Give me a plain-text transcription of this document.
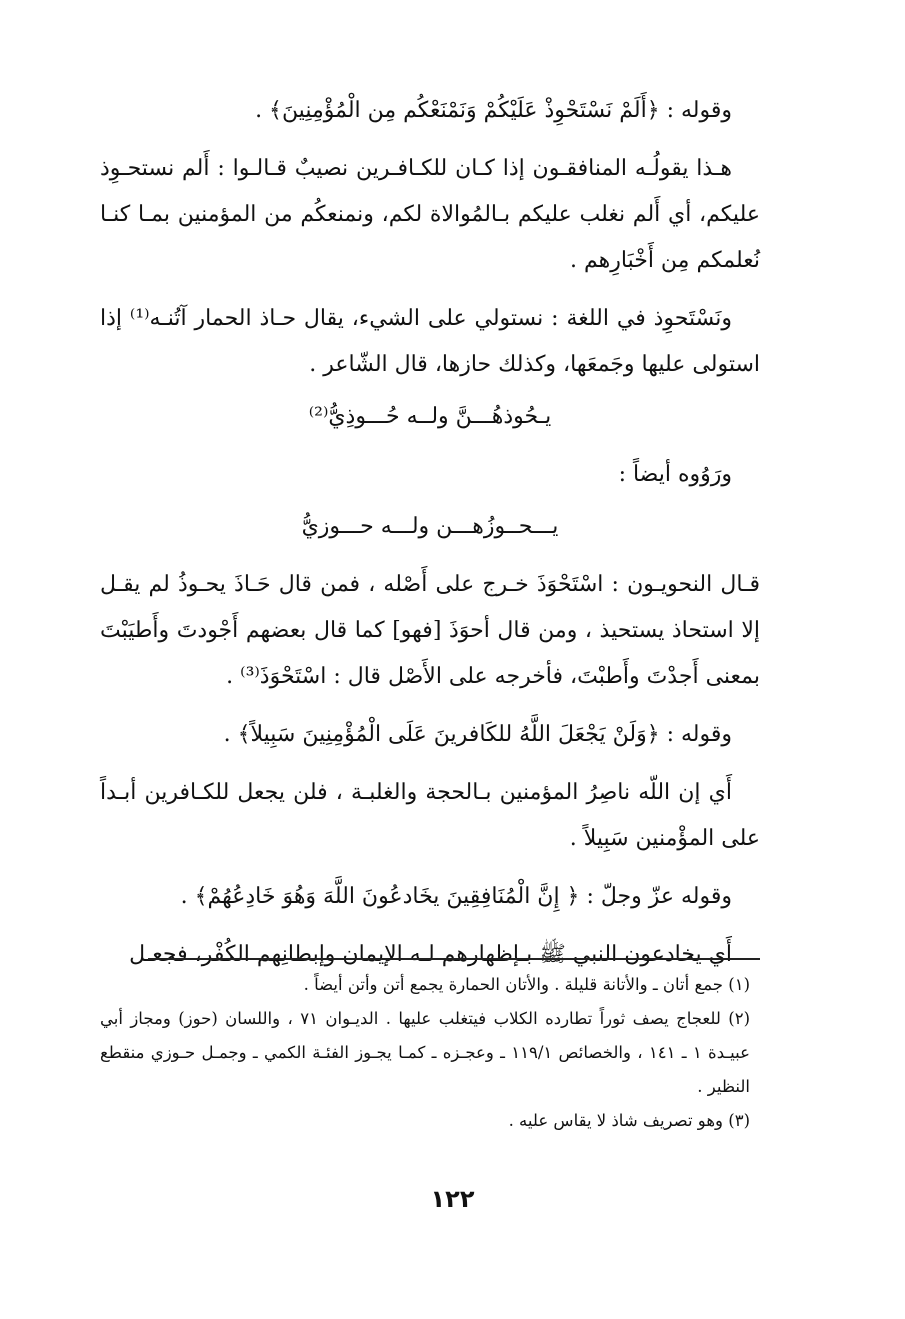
وقوله : ﴿أَلَمْ نَسْتَحْوِذْ عَلَيْكُمْ وَنَمْنَعْكُم مِن الْمُؤْمِنِينَ﴾ .

هـذا يقولُـه المنافقـون إذا كـان للكـافـرين نصيبٌ قـالـوا : أَلم نستحـوِذ عليكم، أي أَلم نغلب عليكم بـالمُوالاة لكم، ونمنعكُم من المؤمنين بمـا كنـا نُعلمكم مِن أَخْبَارِهم .

ونَسْتَحوِذ في اللغة : نستولي على الشيء، يقال حـاذ الحمار آتُنـه⁽¹⁾ إذا استولى عليها وجَمعَها، وكذلك حازها، قال الشّاعر .

يـحُوذهُـــنَّ ولــه حُـــوذِيُّ⁽²⁾

ورَوُوه أيضاً :

يـــحــوزُهـــن ولـــه حـــوزيُّ

قـال النحويـون : اسْتَحْوَذَ خـرج على أَصْله ، فمن قال حَـاذَ يحـوذُ لم يقـل إلا استحاذ يستحيذ ، ومن قال أحوَذَ [فهو] كما قال بعضهم أَجْودتَ وأَطيَبْتَ بمعنى أَجدْتَ وأَطبْتَ، فأخرجه على الأَصْل قال : اسْتَحْوَذَ⁽³⁾ .

وقوله : ﴿وَلَنْ يَجْعَلَ اللَّهُ للكَافرينَ عَلَى الْمُؤْمِنِينَ سَبِيلاً﴾ .

أَي إن اللّه ناصِرُ المؤمنين بـالحجة والغلبـة ، فلن يجعل للكـافرين أبـداً على المؤْمنين سَبِيلاً .

وقوله عزّ وجلّ : ﴿ إِنَّ الْمُنَافِقِينَ يخَادعُونَ اللَّهَ وَهُوَ خَادِعُهُمْ﴾ .

أَي يخادعون النبي ﷺ بـإظهارهم لـه الإيمان وإبطانِهم الكُفْر، فجعـل

(١) جمع أتان ـ والأتانة قليلة . والأتان الحمارة يجمع أتن وأتن أيضاً .

(٢) للعجاج يصف ثوراً تطارده الكلاب فيتغلب عليها . الديـوان ٧١ ، واللسان (حوز) ومجاز أبي عبيـدة ١ ـ ١٤١ ، والخصائص ١١٩/١ ـ وعجـزه ـ كمـا يجـوز الفئـة الكمي ـ وجمـل حـوزي منقطع النظير .

(٣) وهو تصريف شاذ لا يقاس عليه .

١٢٢
